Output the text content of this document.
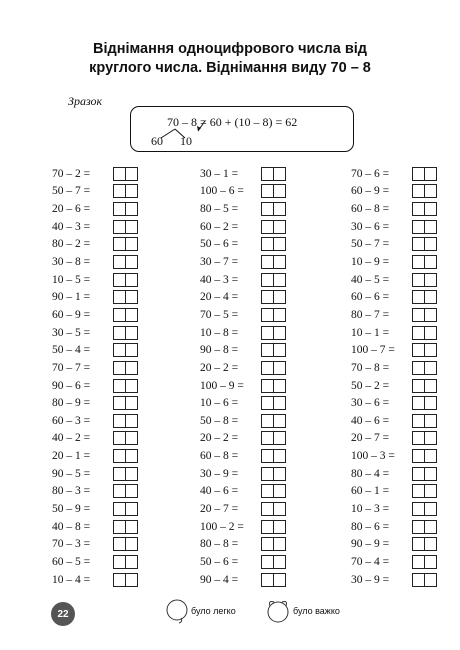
Віднімання одноцифрового числа від
круглого числа. Віднімання виду 70 – 8
Зразок
70 – 8 = 60 + (10 – 8) = 62
60 10
70 – 2 =
50 – 7 =
20 – 6 =
40 – 3 =
80 – 2 =
30 – 8 =
10 – 5 =
90 – 1 =
60 – 9 =
30 – 5 =
50 – 4 =
70 – 7 =
90 – 6 =
80 – 9 =
60 – 3 =
40 – 2 =
20 – 1 =
90 – 5 =
80 – 3 =
50 – 9 =
40 – 8 =
70 – 3 =
60 – 5 =
10 – 4 =
30 – 1 =
100 – 6 =
80 – 5 =
60 – 2 =
50 – 6 =
30 – 7 =
40 – 3 =
20 – 4 =
70 – 5 =
10 – 8 =
90 – 8 =
20 – 2 =
100 – 9 =
10 – 6 =
50 – 8 =
20 – 2 =
60 – 8 =
30 – 9 =
40 – 6 =
20 – 7 =
100 – 2 =
80 – 8 =
50 – 6 =
90 – 4 =
70 – 6 =
60 – 9 =
60 – 8 =
30 – 6 =
50 – 7 =
10 – 9 =
40 – 5 =
60 – 6 =
80 – 7 =
10 – 1 =
100 – 7 =
70 – 8 =
50 – 2 =
30 – 6 =
40 – 6 =
20 – 7 =
100 – 3 =
80 – 4 =
60 – 1 =
10 – 3 =
80 – 6 =
90 – 9 =
70 – 4 =
30 – 9 =
22	було легко	було важко
